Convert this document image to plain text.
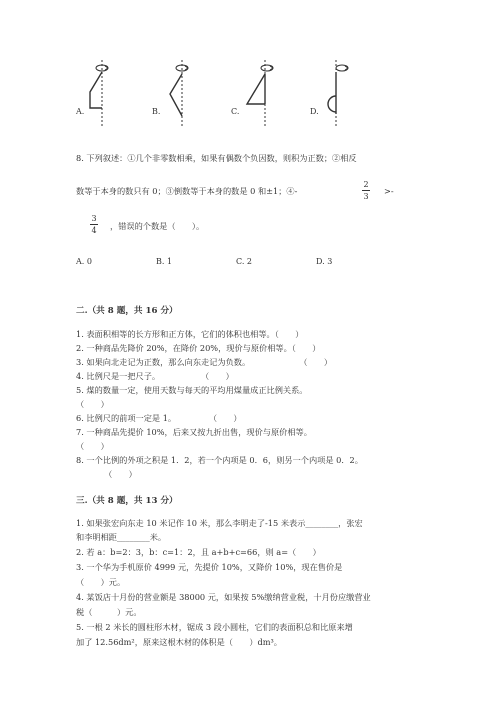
A.	B.	C.	D.
8. 下列叙述：①几个非零数相乘，如果有偶数个负因数，则积为正数；②相反
数等于本身的数只有 0；③倒数等于本身的数是 0 和±1；④-
2
3
>-
3
4 ，错误的个数是（　　）。
A. 0	B. 1	C. 2	D. 3
二.（共 8 题，共 16 分）
1. 表面积相等的长方形和正方体，它们的体积也相等。（　　）
2. 一种商品先降价 20%，在降价 20%，现价与原价相等。（　　）
3. 如果向北走记为正数，那么向东走记为负数。　　　　　　　（　　）
4. 比例尺是一把尺子。　　　　　　（　　）
5. 煤的数量一定，使用天数与每天的平均用煤量成正比例关系。
（　　）
6. 比例尺的前项一定是 1。　　　　　（　　）
7. 一种商品先提价 10%，后来又按九折出售，现价与原价相等。
（　　）
8. 一个比例的外项之积是 1．2，若一个内项是 0．6，则另一个内项是 0．2。
　（　　）
三.（共 8 题，共 13 分）
1. 如果张宏向东走 10 米记作 10 米，那么李明走了-15 米表示________，张宏
和李明相距________米。
2. 若 a：b=2：3，b：c=1：2，且 a+b+c=66，则 a=（　　）
3. 一个华为手机原价 4999 元，先提价 10%，又降价 10%，现在售价是
（　　）元。
4. 某饭店十月份的营业额是 38000 元，如果按 5%缴纳营业税，十月份应缴营业
税（　　　）元。
5. 一根 2 米长的圆柱形木材，锯成 3 段小圆柱，它们的表面积总和比原来增
加了 12.56dm²，原来这根木材的体积是（　　）dm³。
